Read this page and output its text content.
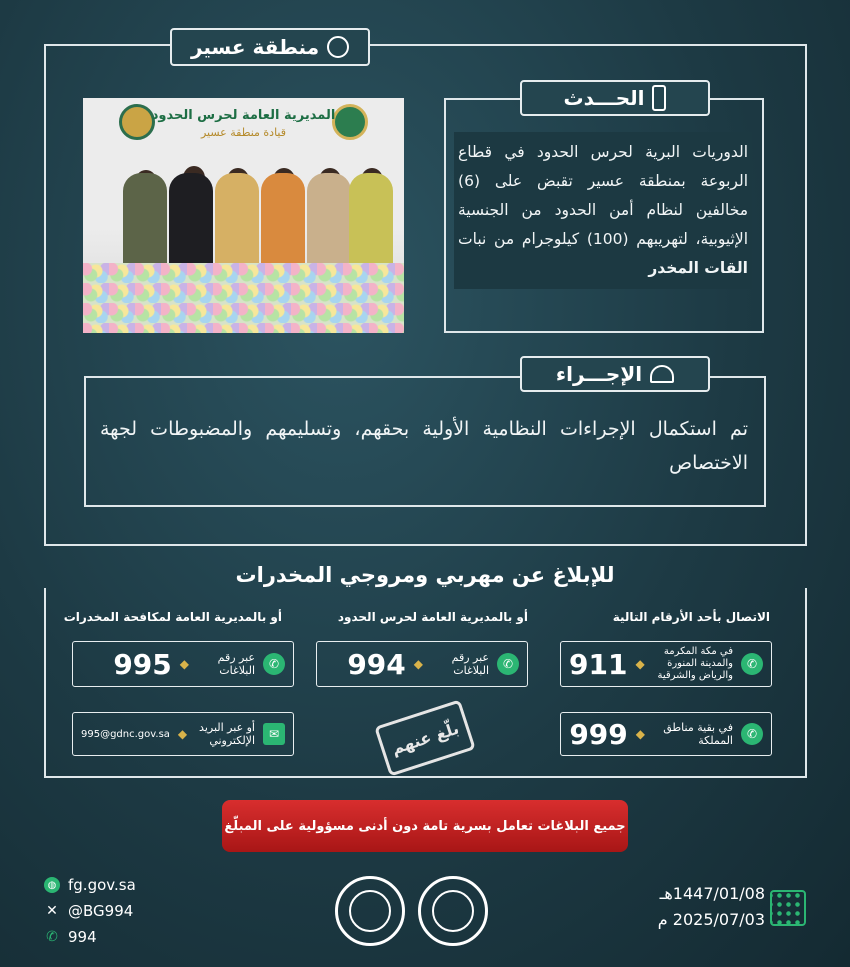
منطقة عسير
المديرية العامة لحرس الحدود
قيادة منطقة عسير
الحـــدث
الدوريات البرية لحرس الحدود في قطاع الربوعة بمنطقة عسير تقبض على (6) مخالفين لنظام أمن الحدود من الجنسية الإثيوبية، لتهريبهم (100) كيلوجرام من نبات القات المخدر
الإجـــراء
تم استكمال الإجراءات النظامية الأولية بحقهم، وتسليمهم والمضبوطات لجهة الاختصاص
للإبلاغ عن مهربي ومروجي المخدرات
الاتصال بأحد الأرقام التالية
أو بالمديرية العامة لحرس الحدود
أو بالمديرية العامة لمكافحة المخدرات
✆
في مكة المكرمة والمدينة المنورة والرياض والشرقية
◆
911
✆
في بقية مناطق المملكة
◆
999
✆
عبر رقم البلاغات
◆
994
✆
عبر رقم البلاغات
◆
995
✉
أو عبر البريد الإلكتروني
◆
995@gdnc.gov.sa	بلّغ عنهم
جميع البلاغات تعامل بسرية تامة دون أدنى مسؤولية على المبلّغ
◍ fg.gov.sa
✕ @BG994
✆ 994
1447/01/08هـ
2025/07/03 م
